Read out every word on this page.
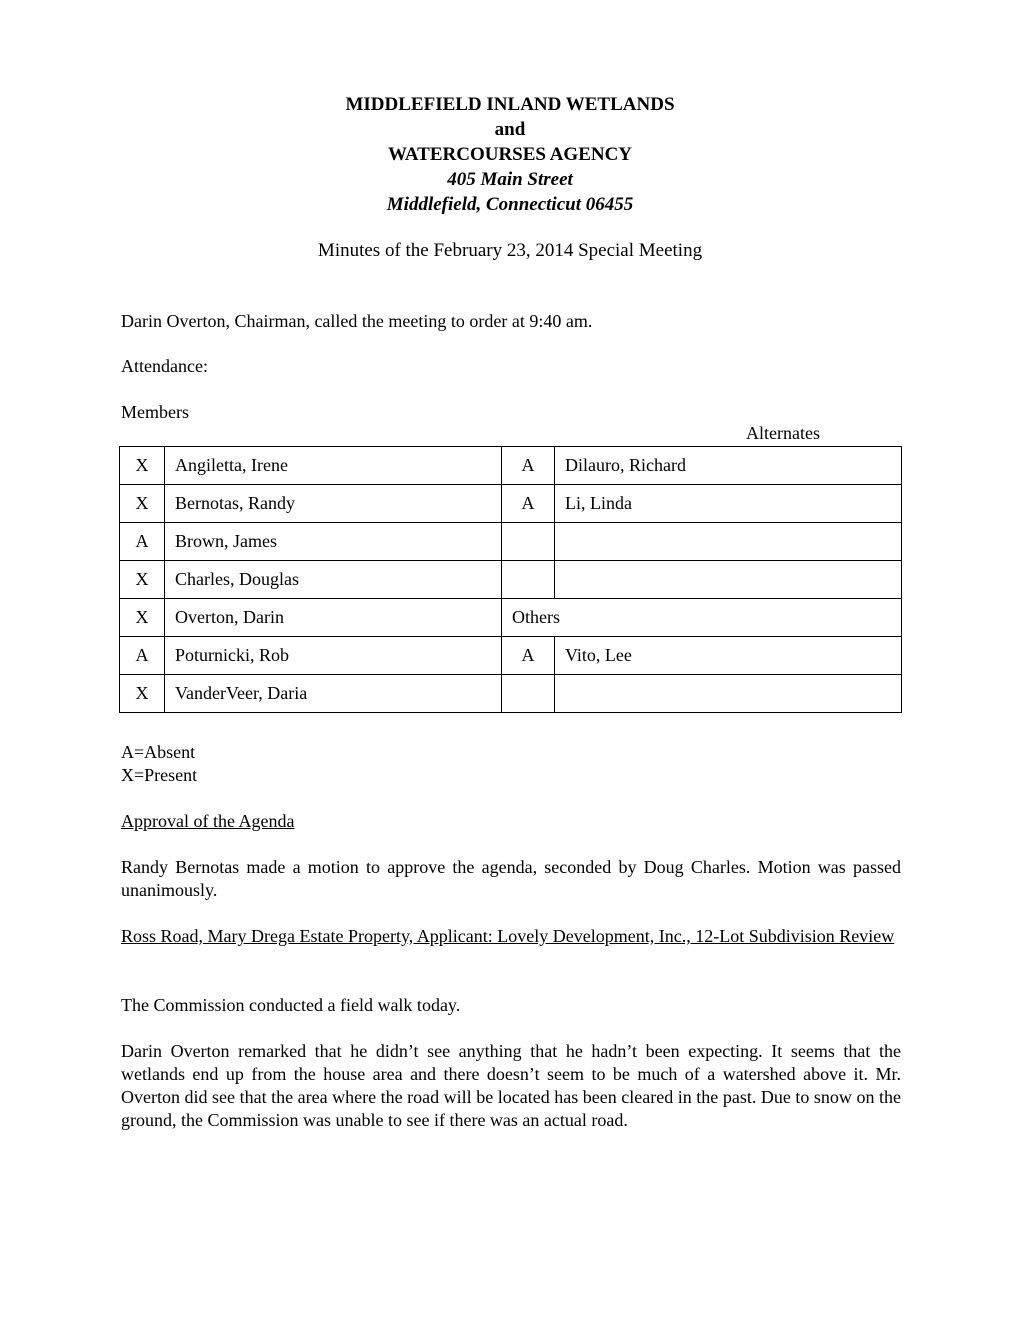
MIDDLEFIELD INLAND WETLANDS
and
WATERCOURSES AGENCY
405 Main Street
Middlefield, Connecticut 06455
Minutes of the February 23, 2014 Special Meeting
Darin Overton, Chairman, called the meeting to order at 9:40 am.
Attendance:
Members
Alternates
X	Angiletta, Irene	A	Dilauro, Richard
X	Bernotas, Randy	A	Li, Linda
A	Brown, James		
X	Charles, Douglas		
X	Overton, Darin	Others	
A	Poturnicki, Rob	A	Vito, Lee
X	VanderVeer, Daria		
A=Absent
X=Present
Approval of the Agenda
Randy Bernotas made a motion to approve the agenda, seconded by Doug Charles. Motion was passed unanimously.
Ross Road, Mary Drega Estate Property, Applicant: Lovely Development, Inc., 12-Lot Subdivision Review
The Commission conducted a field walk today.
Darin Overton remarked that he didn’t see anything that he hadn’t been expecting. It seems that the wetlands end up from the house area and there doesn’t seem to be much of a watershed above it. Mr. Overton did see that the area where the road will be located has been cleared in the past. Due to snow on the ground, the Commission was unable to see if there was an actual road.
